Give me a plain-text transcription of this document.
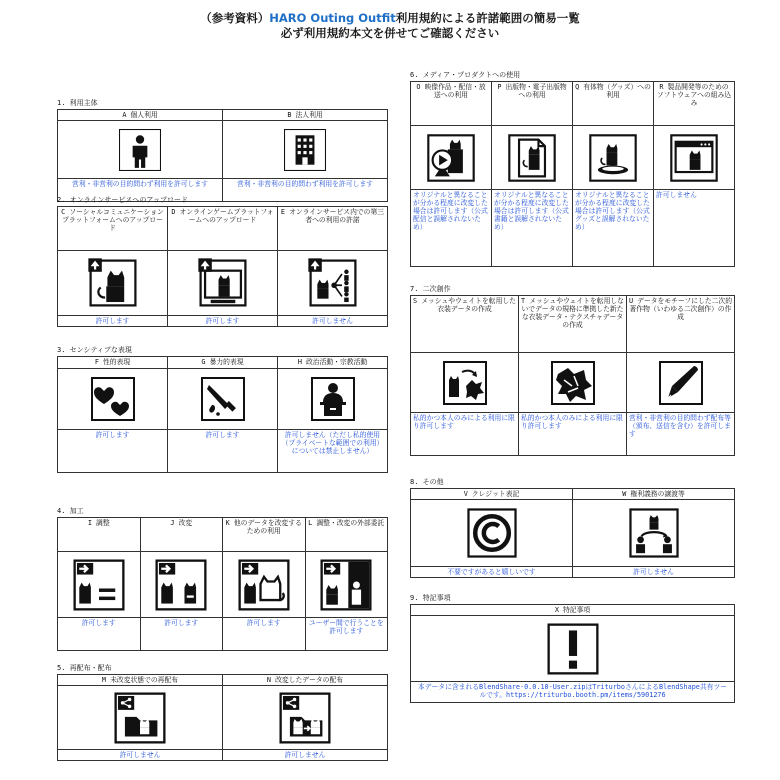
（参考資料）HARO Outing Outfit利用規約による許諾範囲の簡易一覧
必ず利用規約本文を併せてご確認ください
1. 利用主体
A 個人利用
営利・非営利の目的問わず利用を許可します
B 法人利用
営利・非営利の目的問わず利用を許可します
2. オンラインサービスへのアップロード
C ソーシャルコミュニケーションプラットフォームへのアップロード
許可します
D オンラインゲームプラットフォームへのアップロード
許可します
E オンラインサービス内での第三者への利用の許諾
許可しません
3. センシティブな表現
F 性的表現
許可します
G 暴力的表現
許可します
H 政治活動・宗教活動
許可しません（ただし私的使用（プライベートな範囲での利用）については禁止しません）
4. 加工
I 調整
許可します
J 改変
許可します
K 他のデータを改変するための利用
許可します
L 調整・改変の外部委託
ユーザー間で行うことを許可します
5. 再配布・配布
M 未改変状態での再配布
許可しません
N 改変したデータの配布
許可しません
6. メディア・プロダクトへの使用
O 映像作品・配信・放送への利用
オリジナルと異なることが分かる程度に改変した場合は許可します（公式配信と誤解されないため）
P 出版物・電子出版物への利用
オリジナルと異なることが分かる程度に改変した場合は許可します（公式書籍と誤解されないため）
Q 有体物（グッズ）への利用
オリジナルと異なることが分かる程度に改変した場合は許可します（公式グッズと誤解されないため）
R 製品開発等のためのソフトウェアへの組み込み
許可しません
7. 二次創作
S メッシュやウェイトを転用した衣装データの作成
私的かつ本人のみによる利用に限り許可します
T メッシュやウェイトを転用しないでデータの規格に準拠した新たな衣装データ・テクスチャデータの作成
私的かつ本人のみによる利用に限り許可します
U データをモチーフにした二次的著作物（いわゆる二次創作）の作成
営利・非営利の目的問わず配布等（頒布、送信を含む）を許可します
8. その他
V クレジット表記
不要ですがあると嬉しいです
W 権利義務の譲渡等
許可しません
9. 特記事項
X 特記事項
本データに含まれるBlendShare-0.0.10-User.zipはTriturboさんによるBlendShape共有ツールです。https://triturbo.booth.pm/items/5901276
